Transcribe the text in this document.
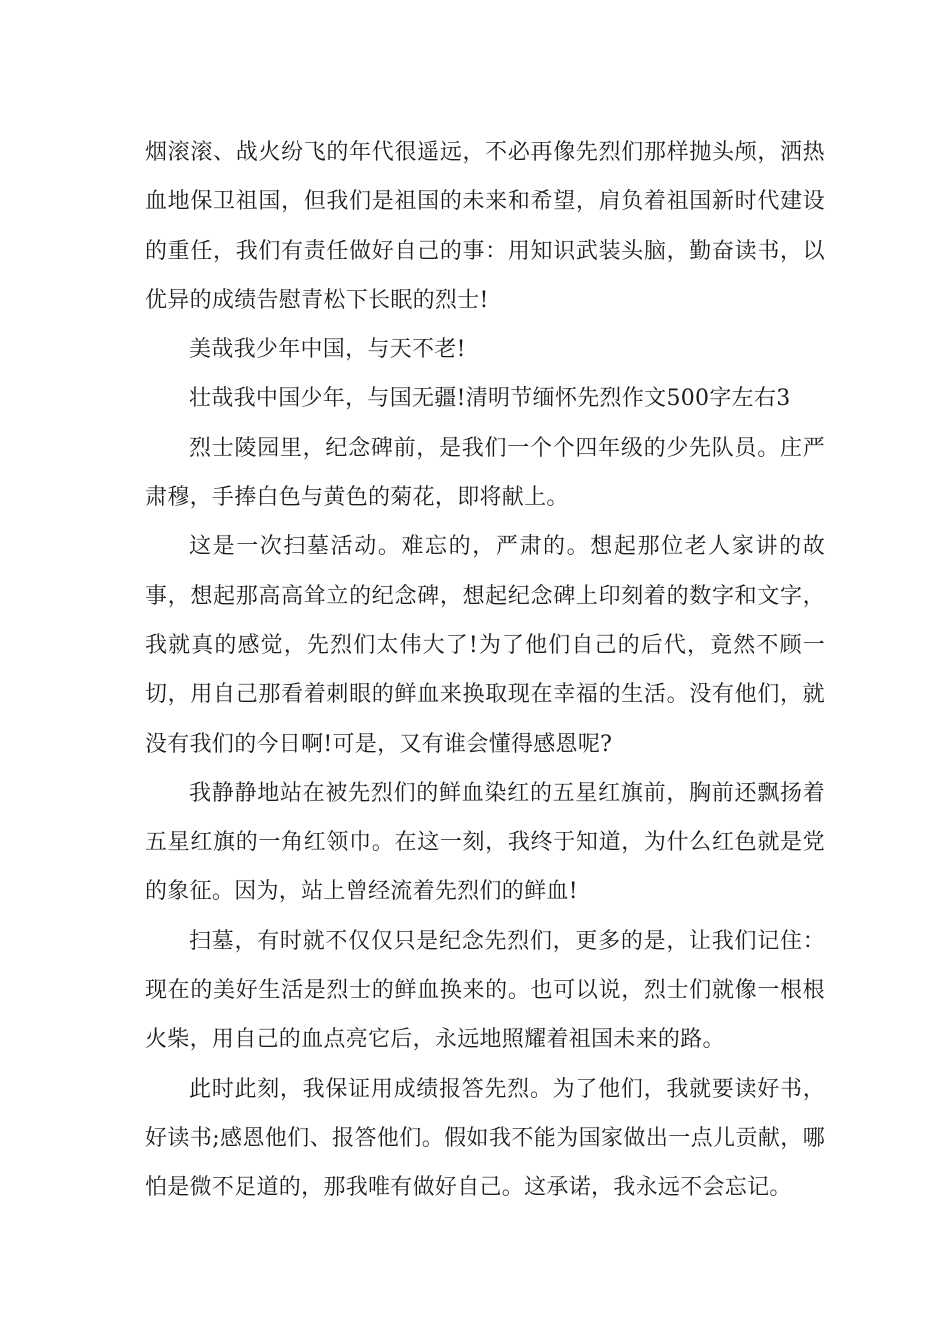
烟滚滚、战火纷飞的年代很遥远，不必再像先烈们那样抛头颅，洒热血地保卫祖国，但我们是祖国的未来和希望，肩负着祖国新时代建设的重任，我们有责任做好自己的事：用知识武装头脑，勤奋读书，以优异的成绩告慰青松下长眠的烈士!

美哉我少年中国，与天不老!

壮哉我中国少年，与国无疆!清明节缅怀先烈作文500字左右3

烈士陵园里，纪念碑前，是我们一个个四年级的少先队员。庄严肃穆，手捧白色与黄色的菊花，即将献上。

这是一次扫墓活动。难忘的，严肃的。想起那位老人家讲的故事，想起那高高耸立的纪念碑，想起纪念碑上印刻着的数字和文字，我就真的感觉，先烈们太伟大了!为了他们自己的后代，竟然不顾一切，用自己那看着刺眼的鲜血来换取现在幸福的生活。没有他们，就没有我们的今日啊!可是，又有谁会懂得感恩呢?

我静静地站在被先烈们的鲜血染红的五星红旗前，胸前还飘扬着五星红旗的一角红领巾。在这一刻，我终于知道，为什么红色就是党的象征。因为，站上曾经流着先烈们的鲜血!

扫墓，有时就不仅仅只是纪念先烈们，更多的是，让我们记住：现在的美好生活是烈士的鲜血换来的。也可以说，烈士们就像一根根火柴，用自己的血点亮它后，永远地照耀着祖国未来的路。

此时此刻，我保证用成绩报答先烈。为了他们，我就要读好书，好读书;感恩他们、报答他们。假如我不能为国家做出一点儿贡献，哪怕是微不足道的，那我唯有做好自己。这承诺，我永远不会忘记。
